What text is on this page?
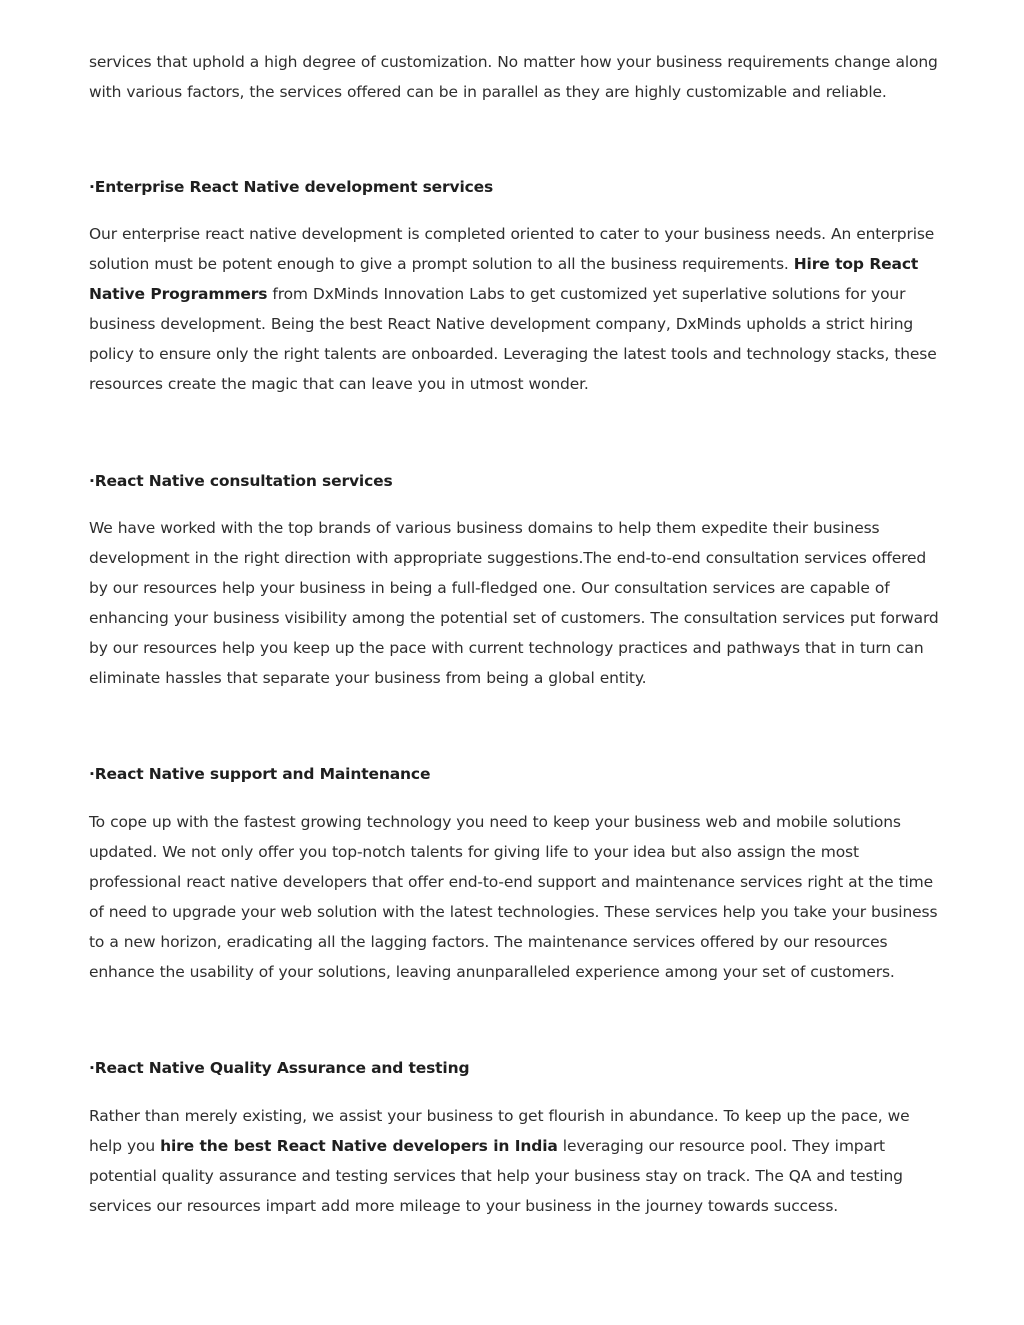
services that uphold a high degree of customization. No matter how your business requirements change along with various factors, the services offered can be in parallel as they are highly customizable and reliable.

·Enterprise React Native development services

Our enterprise react native development is completed oriented to cater to your business needs. An enterprise solution must be potent enough to give a prompt solution to all the business requirements. Hire top React Native Programmers from DxMinds Innovation Labs to get customized yet superlative solutions for your business development. Being the best React Native development company, DxMinds upholds a strict hiring policy to ensure only the right talents are onboarded. Leveraging the latest tools and technology stacks, these resources create the magic that can leave you in utmost wonder.

·React Native consultation services

We have worked with the top brands of various business domains to help them expedite their business development in the right direction with appropriate suggestions.The end-to-end consultation services offered by our resources help your business in being a full-fledged one. Our consultation services are capable of enhancing your business visibility among the potential set of customers. The consultation services put forward by our resources help you keep up the pace with current technology practices and pathways that in turn can eliminate hassles that separate your business from being a global entity.

·React Native support and Maintenance

To cope up with the fastest growing technology you need to keep your business web and mobile solutions updated. We not only offer you top-notch talents for giving life to your idea but also assign the most professional react native developers that offer end-to-end support and maintenance services right at the time of need to upgrade your web solution with the latest technologies. These services help you take your business to a new horizon, eradicating all the lagging factors. The maintenance services offered by our resources enhance the usability of your solutions, leaving anunparalleled experience among your set of customers.

·React Native Quality Assurance and testing

Rather than merely existing, we assist your business to get flourish in abundance. To keep up the pace, we help you hire the best React Native developers in India leveraging our resource pool. They impart potential quality assurance and testing services that help your business stay on track. The QA and testing services our resources impart add more mileage to your business in the journey towards success.
